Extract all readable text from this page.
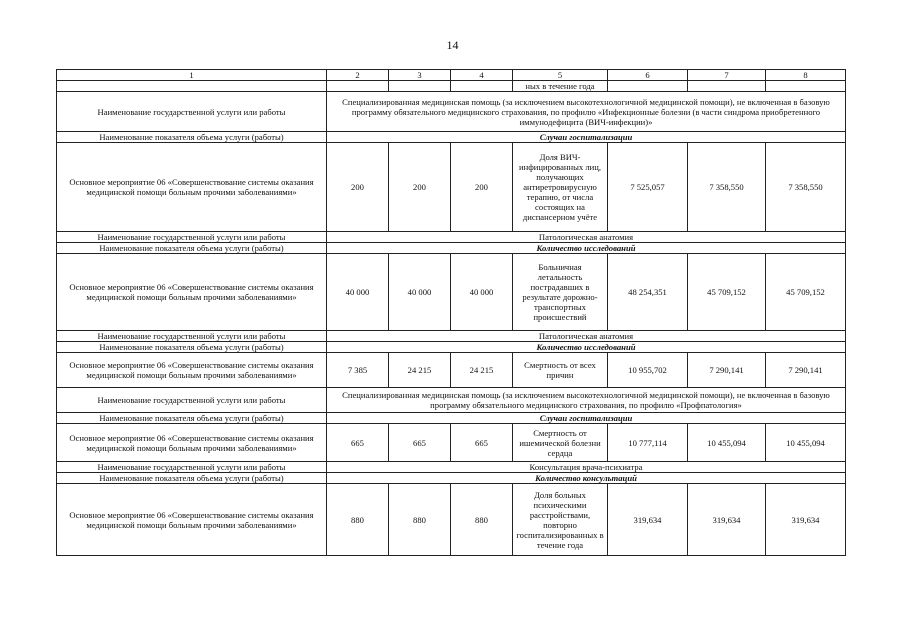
14
1	2	3	4	5	6	7	8
				ных в течение года			
Наименование государственной услуги или работы	Специализированная медицинская помощь (за исключением высокотехнологичной медицинской помощи), не включенная в базовую программу обязательного медицинского страхования, по профилю «Инфекционные болезни (в части синдрома приобретенного иммунодефицита (ВИЧ-инфекции)»						
Наименование показателя объема услуги (работы)	Случаи госпитализации						
Основное мероприятие 06 «Совершенствование системы оказания медицинской помощи больным прочими заболеваниями»	200	200	200	Доля ВИЧ-инфицированных лиц, получающих антиретровирусную терапию, от числа состоящих на диспансерном учёте	7 525,057	7 358,550	7 358,550
Наименование государственной услуги или работы	Патологическая анатомия						
Наименование показателя объема услуги (работы)	Количество исследований						
Основное мероприятие 06 «Совершенствование системы оказания медицинской помощи больным прочими заболеваниями»	40 000	40 000	40 000	Больничная летальность пострадавших в результате дорожно-транспортных происшествий	48 254,351	45 709,152	45 709,152
Наименование государственной услуги или работы	Патологическая анатомия						
Наименование показателя объема услуги (работы)	Количество исследований						
Основное мероприятие 06 «Совершенствование системы оказания медицинской помощи больным прочими заболеваниями»	7 385	24 215	24 215	Смертность от всех причин	10 955,702	7 290,141	7 290,141
Наименование государственной услуги или работы	Специализированная медицинская помощь (за исключением высокотехнологичной медицинской помощи), не включенная в базовую программу обязательного медицинского страхования, по профилю «Профпатология»						
Наименование показателя объема услуги (работы)	Случаи госпитализации						
Основное мероприятие 06 «Совершенствование системы оказания медицинской помощи больным прочими заболеваниями»	665	665	665	Смертность от ишемической болезни сердца	10 777,114	10 455,094	10 455,094
Наименование государственной услуги или работы	Консультация врача-психиатра						
Наименование показателя объема услуги (работы)	Количество консультаций						
Основное мероприятие 06 «Совершенствование системы оказания медицинской помощи больным прочими заболеваниями»	880	880	880	Доля больных психическими расстройствами, повторно госпитализированных в течение года	319,634	319,634	319,634
